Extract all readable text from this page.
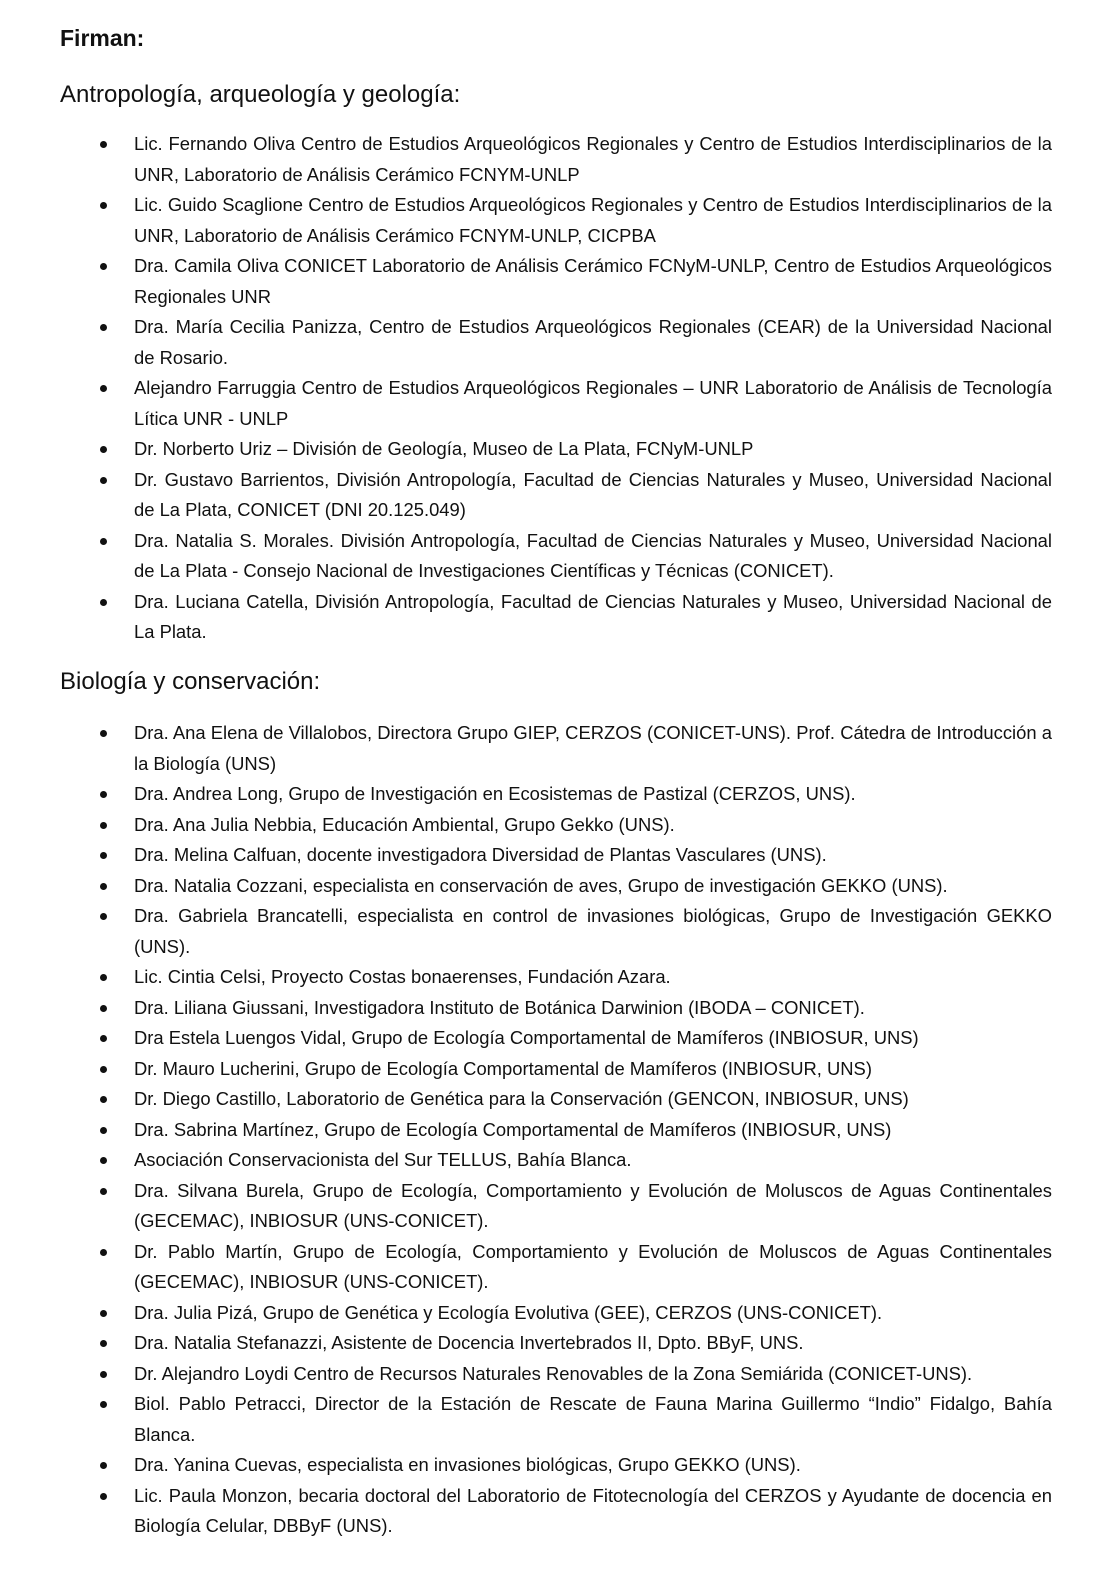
Firman:
Antropología, arqueología y geología:
Lic. Fernando Oliva Centro de Estudios Arqueológicos Regionales y Centro de Estudios Interdisciplinarios de la UNR, Laboratorio de Análisis Cerámico FCNYM-UNLP
Lic. Guido Scaglione Centro de Estudios Arqueológicos Regionales y Centro de Estudios Interdisciplinarios de la UNR, Laboratorio de Análisis Cerámico FCNYM-UNLP, CICPBA
Dra. Camila Oliva CONICET Laboratorio de Análisis Cerámico FCNyM-UNLP, Centro de Estudios Arqueológicos Regionales UNR
Dra. María Cecilia Panizza, Centro de Estudios Arqueológicos Regionales (CEAR) de la Universidad Nacional de Rosario.
Alejandro Farruggia Centro de Estudios Arqueológicos Regionales – UNR Laboratorio de Análisis de Tecnología Lítica UNR - UNLP
Dr. Norberto Uriz – División de Geología, Museo de La Plata, FCNyM-UNLP
Dr. Gustavo Barrientos, División Antropología, Facultad de Ciencias Naturales y Museo, Universidad Nacional de La Plata, CONICET (DNI 20.125.049)
Dra. Natalia S. Morales. División Antropología, Facultad de Ciencias Naturales y Museo, Universidad Nacional de La Plata - Consejo Nacional de Investigaciones Científicas y Técnicas (CONICET).
Dra. Luciana Catella, División Antropología, Facultad de Ciencias Naturales y Museo, Universidad Nacional de La Plata.
Biología y conservación:
Dra. Ana Elena de Villalobos, Directora Grupo GIEP, CERZOS (CONICET-UNS). Prof. Cátedra de Introducción a la Biología (UNS)
Dra. Andrea Long, Grupo de Investigación en Ecosistemas de Pastizal (CERZOS, UNS).
Dra. Ana Julia Nebbia, Educación Ambiental, Grupo Gekko (UNS).
Dra. Melina Calfuan, docente investigadora Diversidad de Plantas Vasculares (UNS).
Dra. Natalia Cozzani, especialista en conservación de aves, Grupo de investigación GEKKO (UNS).
Dra. Gabriela Brancatelli, especialista en control de invasiones biológicas, Grupo de Investigación GEKKO (UNS).
Lic. Cintia Celsi, Proyecto Costas bonaerenses, Fundación Azara.
Dra. Liliana Giussani, Investigadora Instituto de Botánica Darwinion (IBODA – CONICET).
Dra Estela Luengos Vidal, Grupo de Ecología Comportamental de Mamíferos (INBIOSUR, UNS)
Dr. Mauro Lucherini, Grupo de Ecología Comportamental de Mamíferos (INBIOSUR, UNS)
Dr. Diego Castillo, Laboratorio de Genética para la Conservación (GENCON, INBIOSUR, UNS)
Dra. Sabrina Martínez, Grupo de Ecología Comportamental de Mamíferos (INBIOSUR, UNS)
Asociación Conservacionista del Sur TELLUS, Bahía Blanca.
Dra. Silvana Burela, Grupo de Ecología, Comportamiento y Evolución de Moluscos de Aguas Continentales (GECEMAC), INBIOSUR (UNS-CONICET).
Dr. Pablo Martín, Grupo de Ecología, Comportamiento y Evolución de Moluscos de Aguas Continentales (GECEMAC), INBIOSUR (UNS-CONICET).
Dra. Julia Pizá, Grupo de Genética y Ecología Evolutiva (GEE), CERZOS (UNS-CONICET).
Dra. Natalia Stefanazzi, Asistente de Docencia Invertebrados II, Dpto. BByF, UNS.
Dr. Alejandro Loydi Centro de Recursos Naturales Renovables de la Zona Semiárida (CONICET-UNS).
Biol. Pablo Petracci, Director de la Estación de Rescate de Fauna Marina Guillermo “Indio” Fidalgo, Bahía Blanca.
Dra. Yanina Cuevas, especialista en invasiones biológicas, Grupo GEKKO (UNS).
Lic. Paula Monzon, becaria doctoral del Laboratorio de Fitotecnología del CERZOS y Ayudante de docencia en Biología Celular, DBByF (UNS).
